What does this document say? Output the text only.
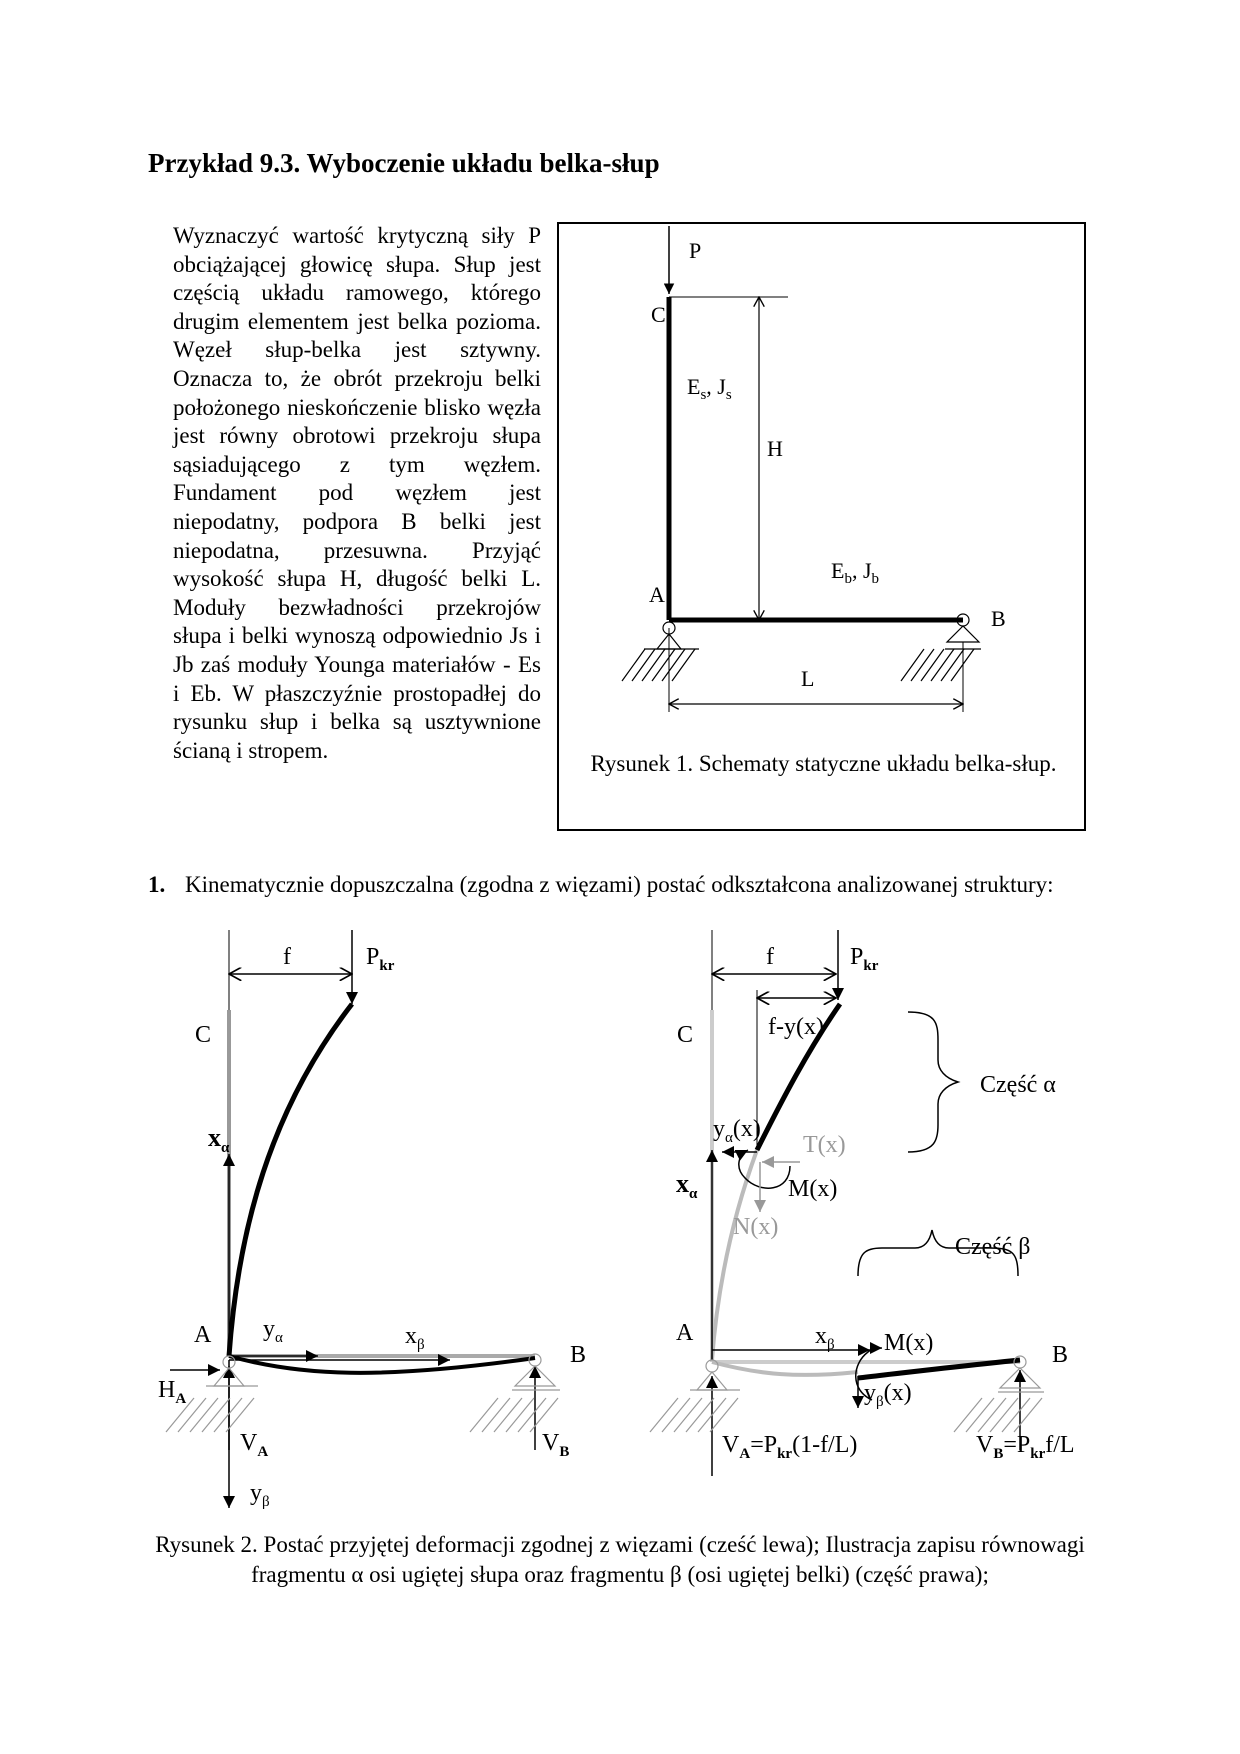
Przykład 9.3. Wyboczenie układu belka-słup

Wyznaczyć wartość krytyczną siły P obciążającej głowicę słupa. Słup jest częścią układu ramowego, którego drugim elementem jest belka pozioma. Węzeł słup-belka jest sztywny. Oznacza to, że obrót przekroju belki położonego nieskończenie blisko węzła jest równy obrotowi przekroju słupa sąsiadującego z tym węzłem. Fundament pod węzłem jest niepodatny, podpora B belki jest niepodatna, przesuwna. Przyjąć wysokość słupa H, długość belki L. Moduły bezwładności przekrojów słupa i belki wynoszą odpowiednio Js i Jb zaś moduły Younga materiałów - Es i Eb. W płaszczyźnie prostopadłej do rysunku słup i belka są usztywnione ścianą i stropem.

P
H
C
A
B
$E_s$, $J_s$
$E_b$, $J_b$
L

Rysunek 1. Schematy statyczne układu belka-słup.

1. Kinematycznie dopuszczalna (zgodna z więzami) postać odkształcona analizowanej struktury:
f	$P_{kr}$
C
A
B
$x_\alpha$
$y_\alpha$	$x_\beta$
$y_\beta$
$H_A$
$V_A$	$V_B$
f	$P_{kr}$
f-y(x)
C
A
B
Część α
$x_\alpha$
$y_\alpha(x)$
T(x)
M(x)
N(x)
Część β
$x_\beta$ M(x)
$y_\beta(x)$
$V_A=P_{kr}(1-f/L)$	$V_B=P_{kr}f/L$

Rysunek 2. Postać przyjętej deformacji zgodnej z więzami (cześć lewa); Ilustracja zapisu równowagi fragmentu α osi ugiętej słupa oraz fragmentu β (osi ugiętej belki) (część prawa);
